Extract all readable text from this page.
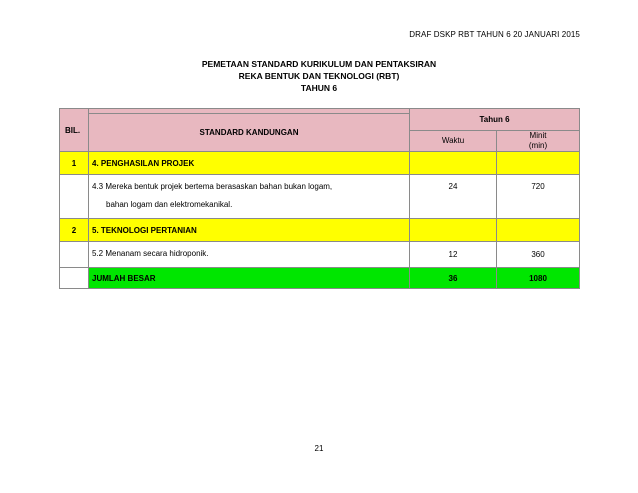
DRAF DSKP RBT TAHUN 6 20 JANUARI 2015
PEMETAAN STANDARD KURIKULUM DAN PENTAKSIRAN
REKA BENTUK DAN TEKNOLOGI (RBT)
TAHUN 6
BIL.	STANDARD KANDUNGAN	Tahun 6	
		Waktu	Minit
(min)

1	4. PENGHASILAN PROJEK		

	4.3 Mereka bentuk projek bertema berasaskan bahan bukan logam,
bahan logam dan elektromekanikal.	24	720
2	5. TEKNOLOGI PERTANIAN		

	5.2 Menanam secara hidroponik.	12	360
	JUMLAH BESAR	36	1080
21
